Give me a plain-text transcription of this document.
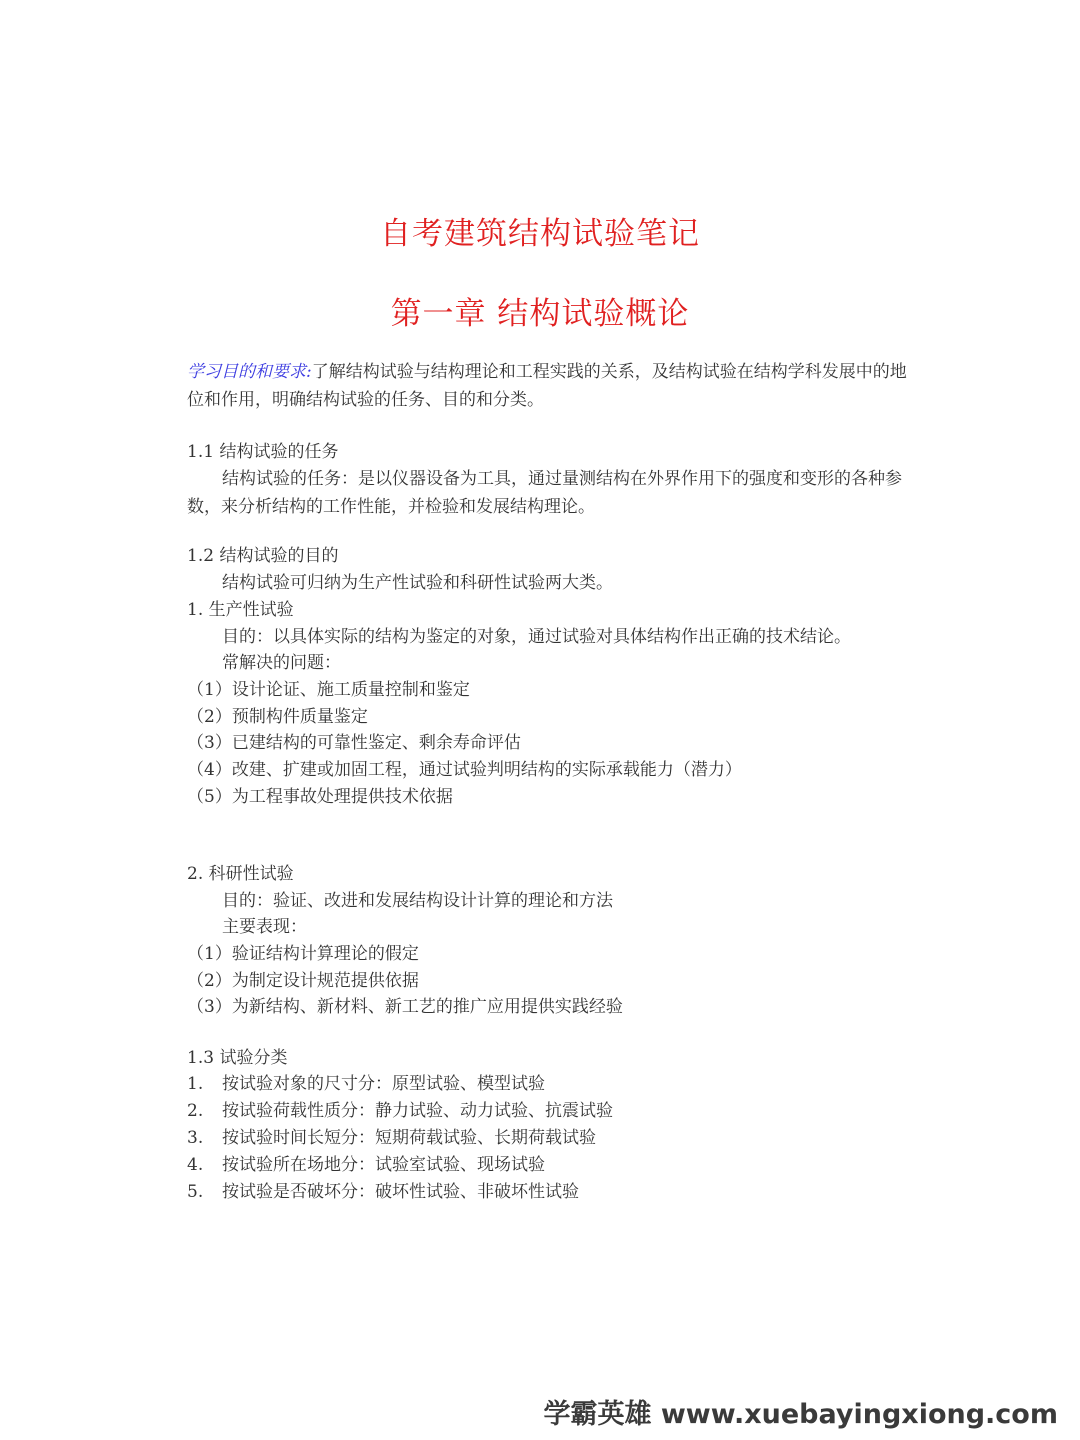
自考建筑结构试验笔记
第一章 结构试验概论
学习目的和要求:了解结构试验与结构理论和工程实践的关系，及结构试验在结构学科发展中的地位和作用，明确结构试验的任务、目的和分类。
1.1 结构试验的任务
结构试验的任务：是以仪器设备为工具，通过量测结构在外界作用下的强度和变形的各种参数，来分析结构的工作性能，并检验和发展结构理论。
1.2 结构试验的目的
结构试验可归纳为生产性试验和科研性试验两大类。
1. 生产性试验
目的：以具体实际的结构为鉴定的对象，通过试验对具体结构作出正确的技术结论。
常解决的问题：
（1）设计论证、施工质量控制和鉴定
（2）预制构件质量鉴定
（3）已建结构的可靠性鉴定、剩余寿命评估
（4）改建、扩建或加固工程，通过试验判明结构的实际承载能力（潜力）
（5）为工程事故处理提供技术依据
2. 科研性试验
目的：验证、改进和发展结构设计计算的理论和方法
主要表现：
（1）验证结构计算理论的假定
（2）为制定设计规范提供依据
（3）为新结构、新材料、新工艺的推广应用提供实践经验
1.3 试验分类
1. 按试验对象的尺寸分：原型试验、模型试验
2. 按试验荷载性质分：静力试验、动力试验、抗震试验
3. 按试验时间长短分：短期荷载试验、长期荷载试验
4. 按试验所在场地分：试验室试验、现场试验
5. 按试验是否破坏分：破坏性试验、非破坏性试验
学霸英雄 www.xuebayingxiong.com
